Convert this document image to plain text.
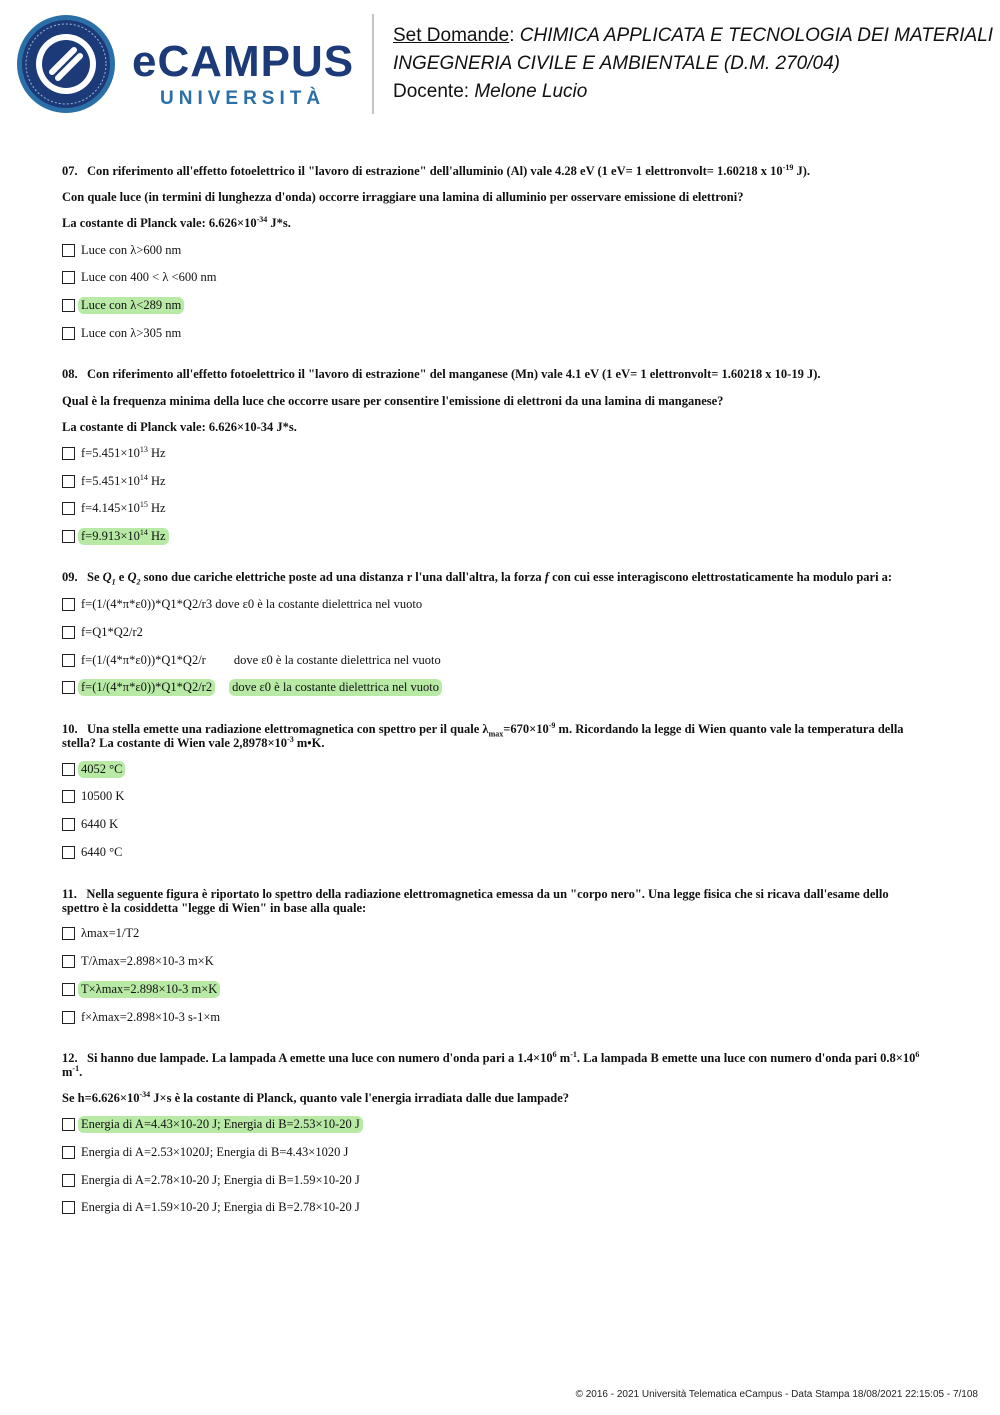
eCAMPUS
UNIVERSITÀ
Set Domande: CHIMICA APPLICATA E TECNOLOGIA DEI MATERIALI
INGEGNERIA CIVILE E AMBIENTALE (D.M. 270/04)
Docente: Melone Lucio
07. Con riferimento all'effetto fotoelettrico il "lavoro di estrazione" dell'alluminio (Al) vale 4.28 eV (1 eV= 1 elettronvolt= 1.60218 x $10^{-19}$ J).
Con quale luce (in termini di lunghezza d'onda) occorre irraggiare una lamina di alluminio per osservare emissione di elettroni?
La costante di Planck vale: $6.626\times 10^{-34}$ J*s.
Luce con λ>600 nm
Luce con 400 < λ <600 nm
Luce con λ<289 nm
Luce con λ>305 nm
08. Con riferimento all'effetto fotoelettrico il "lavoro di estrazione" del manganese (Mn) vale 4.1 eV (1 eV= 1 elettronvolt= 1.60218 x 10-19 J).
Qual è la frequenza minima della luce che occorre usare per consentire l'emissione di elettroni da una lamina di manganese?
La costante di Planck vale: 6.626×10-34 J*s.
$f=5.451\times 10^{13}$ Hz
$f=5.451\times 10^{14}$ Hz
$f=4.145\times 10^{15}$ Hz
$f=9.913\times 10^{14}$ Hz
09. Se $Q_1$ e $Q_2$ sono due cariche elettriche poste ad una distanza r l'una dall'altra, la forza f con cui esse interagiscono elettrostaticamente ha modulo pari a:
f=(1/(4*π*ε0))*Q1*Q2/r3 dove ε0 è la costante dielettrica nel vuoto
f=Q1*Q2/r2
f=(1/(4*π*ε0))*Q1*Q2/r dove ε0 è la costante dielettrica nel vuoto
f=(1/(4*π*ε0))*Q1*Q2/r2 dove ε0 è la costante dielettrica nel vuoto
10. Una stella emette una radiazione elettromagnetica con spettro per il quale $\lambda_{max}=670\times 10^{-9}$ m. Ricordando la legge di Wien quanto vale la temperatura della
stella? La costante di Wien vale $2,8978\times 10^{-3}$ m•K.
4052 °C
10500 K
6440 K
6440 °C
11. Nella seguente figura è riportato lo spettro della radiazione elettromagnetica emessa da un "corpo nero". Una legge fisica che si ricava dall'esame dello
spettro è la cosiddetta "legge di Wien" in base alla quale:
λmax=1/T2
T/λmax=2.898×10-3 m×K
T×λmax=2.898×10-3 m×K
f×λmax=2.898×10-3 s-1×m
12. Si hanno due lampade. La lampada A emette una luce con numero d'onda pari a $1.4\times 10^6$ $m^{-1}$. La lampada B emette una luce con numero d'onda pari $0.8\times 10^6$
$m^{-1}$.
Se $h=6.626\times 10^{-34}$ J×s è la costante di Planck, quanto vale l'energia irradiata dalle due lampade?
Energia di A=4.43×10-20 J; Energia di B=2.53×10-20 J
Energia di A=2.53×1020J; Energia di B=4.43×1020 J
Energia di A=2.78×10-20 J; Energia di B=1.59×10-20 J
Energia di A=1.59×10-20 J; Energia di B=2.78×10-20 J
© 2016 - 2021 Università Telematica eCampus - Data Stampa 18/08/2021 22:15:05 - 7/108
